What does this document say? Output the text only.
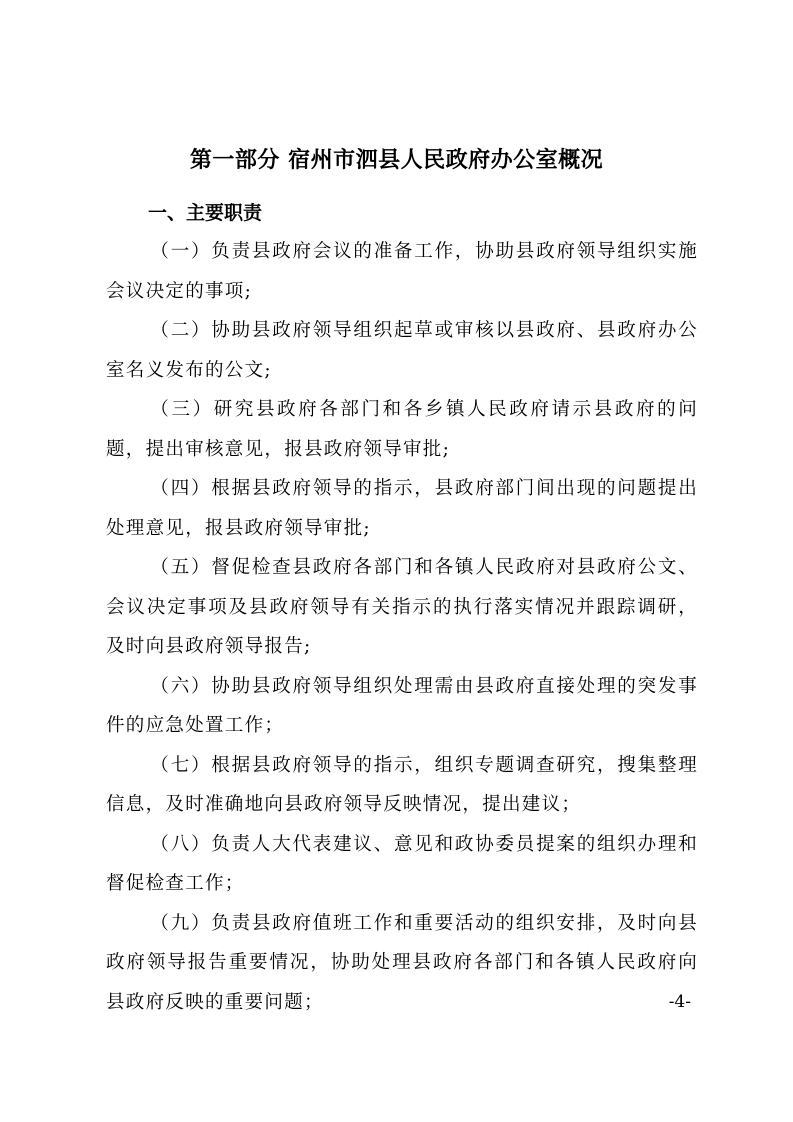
第一部分 宿州市泗县人民政府办公室概况
一、主要职责

（一）负责县政府会议的准备工作，协助县政府领导组织实施会议决定的事项;

（二）协助县政府领导组织起草或审核以县政府、县政府办公室名义发布的公文;

（三）研究县政府各部门和各乡镇人民政府请示县政府的问题，提出审核意见，报县政府领导审批;

（四）根据县政府领导的指示，县政府部门间出现的问题提出处理意见，报县政府领导审批;

（五）督促检查县政府各部门和各镇人民政府对县政府公文、会议决定事项及县政府领导有关指示的执行落实情况并跟踪调研，及时向县政府领导报告;

（六）协助县政府领导组织处理需由县政府直接处理的突发事件的应急处置工作；

（七）根据县政府领导的指示，组织专题调查研究，搜集整理信息，及时准确地向县政府领导反映情况，提出建议；

（八）负责人大代表建议、意见和政协委员提案的组织办理和督促检查工作；

（九）负责县政府值班工作和重要活动的组织安排，及时向县政府领导报告重要情况，协助处理县政府各部门和各镇人民政府向县政府反映的重要问题；	-4-
